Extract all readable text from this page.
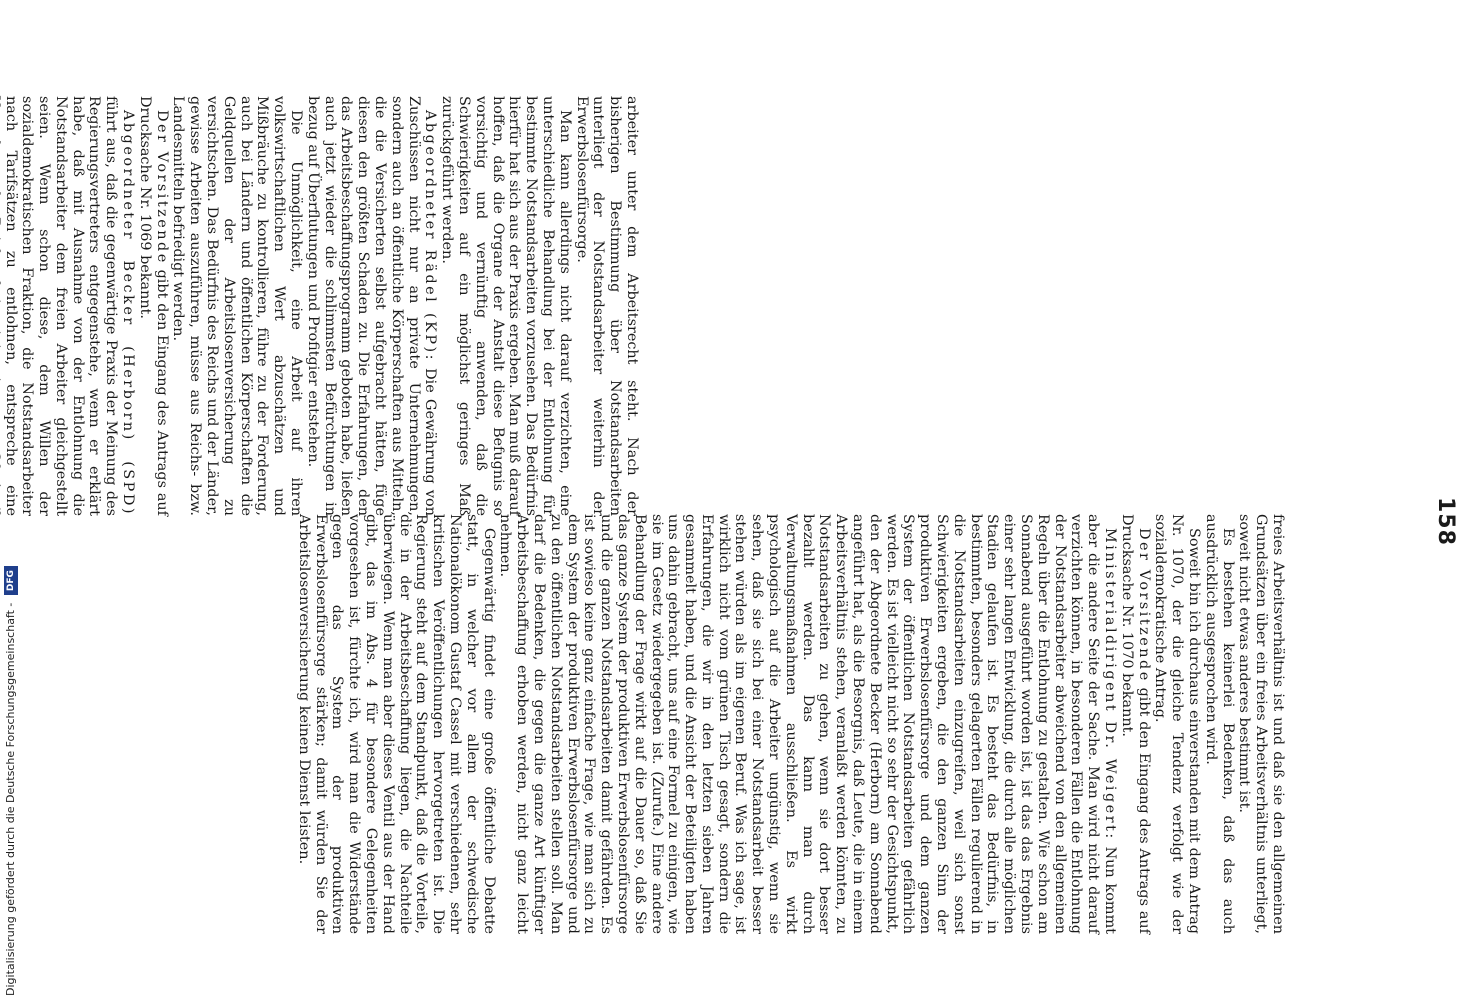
158

freies Arbeitsverhältnis ist und daß sie den allgemeinen Grundsätzen über ein freies Arbeitsverhältnis unterliegt, soweit nicht etwas anderes bestimmt ist.

Es bestehen keinerlei Bedenken, daß das auch ausdrücklich ausgesprochen wird.

Soweit bin ich durchaus einverstanden mit dem Antrag Nr. 1070, der die gleiche Tendenz verfolgt wie der sozialdemokratische Antrag.

Der Vorsitzende gibt den Eingang des Antrags auf Drucksache Nr. 1070 bekannt.

Ministerialdirigent Dr. Weigert: Nun kommt aber die andere Seite der Sache. Man wird nicht darauf verzichten können, in besonderen Fällen die Entlohnung der Notstandsarbeiter abweichend von den allgemeinen Regeln über die Entlohnung zu gestalten. Wie schon am Sonnabend ausgeführt worden ist, ist das das Ergebnis einer sehr langen Entwicklung, die durch alle möglichen Stadien gelaufen ist. Es besteht das Bedürfnis, in bestimmten, besonders gelagerten Fällen regulierend in die Notstandsarbeiten einzugreifen, weil sich sonst Schwierigkeiten ergeben, die den ganzen Sinn der produktiven Erwerbslosenfürsorge und dem ganzen System der öffentlichen Notstandsarbeiten gefährlich werden. Es ist vielleicht nicht so sehr der Gesichtspunkt, den der Abgeordnete Becker (Herborn) am Sonnabend angeführt hat, als die Besorgnis, daß Leute, die in einem Arbeitsverhältnis stehen, veranlaßt werden könnten, zu Notstandsarbeiten zu gehen, wenn sie dort besser bezahlt werden. Das kann man durch Verwaltungsmaßnahmen ausschließen. Es wirkt psychologisch auf die Arbeiter ungünstig, wenn sie sehen, daß sie sich bei einer Notstandsarbeit besser stehen würden als im eigenen Beruf. Was ich sage, ist wirklich nicht vom grünen Tisch gesagt, sondern die Erfahrungen, die wir in den letzten sieben Jahren gesammelt haben, und die Ansicht der Beteiligten haben uns dahin gebracht, uns auf eine Formel zu einigen, wie sie im Gesetz wiedergegeben ist. (Zurufe.) Eine andere Behandlung der Frage wirkt auf die Dauer so, daß Sie das ganze System der produktiven Erwerbslosenfürsorge und die ganzen Notstandsarbeiten damit gefährden. Es ist sowieso keine ganz einfache Frage, wie man sich zu dem System der produktiven Erwerbslosenfürsorge und zu den öffentlichen Notstandsarbeiten stellen soll. Man darf die Bedenken, die gegen die ganze Art künftiger Arbeitsbeschaffung erhoben werden, nicht ganz leicht nehmen.

Gegenwärtig findet eine große öffentliche Debatte statt, in welcher vor allem der schwedische Nationalökonom Gustaf Cassel mit verschiedenen, sehr kritischen Veröffentlichungen hervorgetreten ist. Die Regierung steht auf dem Standpunkt, daß die Vorteile, die in der Arbeitsbeschaffung liegen, die Nachteile überwiegen. Wenn man aber dieses Ventil aus der Hand gibt, das im Abs. 4 für besondere Gelegenheiten vorgesehen ist, fürchte ich, wird man die Widerstände gegen das System der produktiven Erwerbslosenfürsorge stärken; damit würden Sie der Arbeitslosenversicherung keinen Dienst leisten.

arbeiter unter dem Arbeitsrecht steht. Nach der bisherigen Bestimmung über Notstandsarbeiten unterliegt der Notstandsarbeiter weiterhin der Erwerbslosenfürsorge.

Man kann allerdings nicht darauf verzichten, eine unterschiedliche Behandlung bei der Entlohnung für bestimmte Notstandsarbeiten vorzusehen. Das Bedürfnis hierfür hat sich aus der Praxis ergeben. Man muß darauf hoffen, daß die Organe der Anstalt diese Befugnis so vorsichtig und vernünftig anwenden, daß die Schwierigkeiten auf ein möglichst geringes Maß zurückgeführt werden.

Abgeordneter Rädel (KP): Die Gewährung von Zuschüssen nicht nur an private Unternehmungen, sondern auch an öffentliche Körperschaften aus Mitteln, die die Versicherten selbst aufgebracht hätten, füge diesen den größten Schaden zu. Die Erfahrungen, den das Arbeitsbeschaffungsprogramm geboten habe, ließen auch jetzt wieder die schlimmsten Befürchtungen in bezug auf Überflutungen und Profitgier entstehen.

Die Unmöglichkeit, eine Arbeit auf ihren volkswirtschaftlichen Wert abzuschätzen und Mißbräuche zu kontrollieren, führe zu der Forderung, auch bei Ländern und öffentlichen Körperschaften die Geldquellen der Arbeitslosenversicherung zu versichtschen. Das Bedürfnis des Reichs und der Länder, gewisse Arbeiten auszuführen, müsse aus Reichs- bzw. Landesmitteln befriedigt werden.

Der Vorsitzende gibt den Eingang des Antrags auf Drucksache Nr. 1069 bekannt.

Abgeordneter Becker (Herborn) (SPD) führt aus, daß die gegenwärtige Praxis der Meinung des Regierungsvertreters entgegenstehe, wenn er erklärt habe, daß mit Ausnahme von der Entlohnung die Notstandsarbeiter dem freien Arbeiter gleichgestellt seien. Wenn schon diese, dem Willen der sozialdemokratischen Fraktion, die Notstandsarbeiter nach Tarifsätzen zu entlohnen, entspreche eine

Digitalisierung gefördert durch die Deutsche Forschungsgemeinschaft - DFG
